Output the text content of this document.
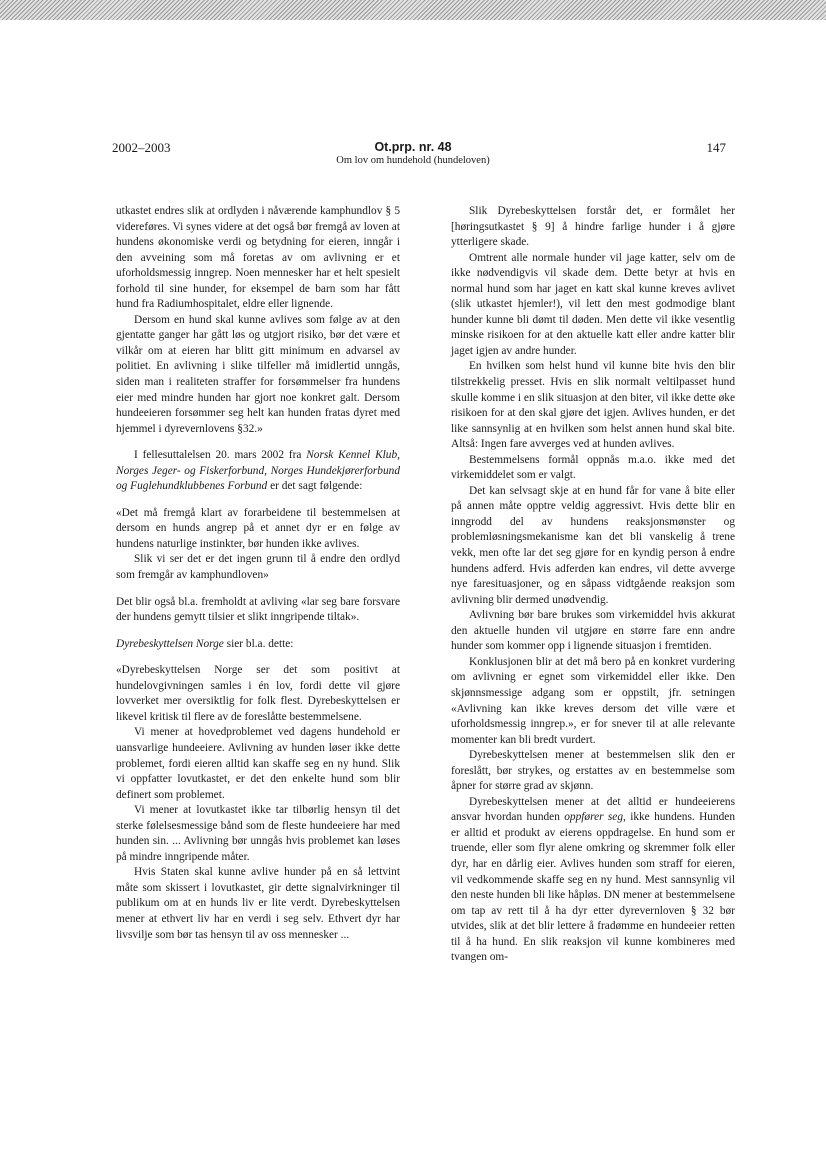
2002–2003	Ot.prp. nr. 48
Om lov om hundehold (hundeloven)
147

utkastet endres slik at ordlyden i nåværende kamphundlov § 5 videreføres. Vi synes videre at det også bør fremgå av loven at hundens økonomiske verdi og betydning for eieren, inngår i den avveining som må foretas av om avlivning er et uforholdsmessig inngrep. Noen mennesker har et helt spesielt forhold til sine hunder, for eksempel de barn som har fått hund fra Radiumhospitalet, eldre eller lignende.

Dersom en hund skal kunne avlives som følge av at den gjentatte ganger har gått løs og utgjort risiko, bør det være et vilkår om at eieren har blitt gitt minimum en advarsel av politiet. En avlivning i slike tilfeller må imidlertid unngås, siden man i realiteten straffer for forsømmelser fra hundens eier med mindre hunden har gjort noe konkret galt. Dersom hundeeieren forsømmer seg helt kan hunden fratas dyret med hjemmel i dyrevernlovens §32.»

I fellesuttalelsen 20. mars 2002 fra Norsk Kennel Klub, Norges Jeger- og Fiskerforbund, Norges Hundekjørerforbund og Fuglehundklubbenes Forbund er det sagt følgende:

«Det må fremgå klart av forarbeidene til bestemmelsen at dersom en hunds angrep på et annet dyr er en følge av hundens naturlige instinkter, bør hunden ikke avlives.

Slik vi ser det er det ingen grunn til å endre den ordlyd som fremgår av kamphundloven»

Det blir også bl.a. fremholdt at avliving «lar seg bare forsvare der hundens gemytt tilsier et slikt inngripende tiltak».

Dyrebeskyttelsen Norge sier bl.a. dette:

«Dyrebeskyttelsen Norge ser det som positivt at hundelovgivningen samles i én lov, fordi dette vil gjøre lovverket mer oversiktlig for folk flest. Dyrebeskyttelsen er likevel kritisk til flere av de foreslåtte bestemmelsene.

Vi mener at hovedproblemet ved dagens hundehold er uansvarlige hundeeiere. Avlivning av hunden løser ikke dette problemet, fordi eieren alltid kan skaffe seg en ny hund. Slik vi oppfatter lovutkastet, er det den enkelte hund som blir definert som problemet.

Vi mener at lovutkastet ikke tar tilbørlig hensyn til det sterke følelsesmessige bånd som de fleste hundeeiere har med hunden sin. ... Avlivning bør unngås hvis problemet kan løses på mindre inngripende måter.

Hvis Staten skal kunne avlive hunder på en så lettvint måte som skissert i lovutkastet, gir dette signalvirkninger til publikum om at en hunds liv er lite verdt. Dyrebeskyttelsen mener at ethvert liv har en verdi i seg selv. Ethvert dyr har livsvilje som bør tas hensyn til av oss mennesker ...

Slik Dyrebeskyttelsen forstår det, er formålet her [høringsutkastet § 9] å hindre farlige hunder i å gjøre ytterligere skade.

Omtrent alle normale hunder vil jage katter, selv om de ikke nødvendigvis vil skade dem. Dette betyr at hvis en normal hund som har jaget en katt skal kunne kreves avlivet (slik utkastet hjemler!), vil lett den mest godmodige blant hunder kunne bli dømt til døden. Men dette vil ikke vesentlig minske risikoen for at den aktuelle katt eller andre katter blir jaget igjen av andre hunder.

En hvilken som helst hund vil kunne bite hvis den blir tilstrekkelig presset. Hvis en slik normalt veltilpasset hund skulle komme i en slik situasjon at den biter, vil ikke dette øke risikoen for at den skal gjøre det igjen. Avlives hunden, er det like sannsynlig at en hvilken som helst annen hund skal bite. Altså: Ingen fare avverges ved at hunden avlives.

Bestemmelsens formål oppnås m.a.o. ikke med det virkemiddelet som er valgt.

Det kan selvsagt skje at en hund får for vane å bite eller på annen måte opptre veldig aggressivt. Hvis dette blir en inngrodd del av hundens reaksjonsmønster og problemløsningsmekanisme kan det bli vanskelig å trene vekk, men ofte lar det seg gjøre for en kyndig person å endre hundens adferd. Hvis adferden kan endres, vil dette avverge nye faresituasjoner, og en såpass vidtgående reaksjon som avlivning blir dermed unødvendig.

Avlivning bør bare brukes som virkemiddel hvis akkurat den aktuelle hunden vil utgjøre en større fare enn andre hunder som kommer opp i lignende situasjon i fremtiden.

Konklusjonen blir at det må bero på en konkret vurdering om avlivning er egnet som virkemiddel eller ikke. Den skjønnsmessige adgang som er oppstilt, jfr. setningen «Avlivning kan ikke kreves dersom det ville være et uforholdsmessig inngrep.», er for snever til at alle relevante momenter kan bli bredt vurdert.

Dyrebeskyttelsen mener at bestemmelsen slik den er foreslått, bør strykes, og erstattes av en bestemmelse som åpner for større grad av skjønn.

Dyrebeskyttelsen mener at det alltid er hundeeierens ansvar hvordan hunden oppfører seg, ikke hundens. Hunden er alltid et produkt av eierens oppdragelse. En hund som er truende, eller som flyr alene omkring og skremmer folk eller dyr, har en dårlig eier. Avlives hunden som straff for eieren, vil vedkommende skaffe seg en ny hund. Mest sannsynlig vil den neste hunden bli like håpløs. DN mener at bestemmelsene om tap av rett til å ha dyr etter dyrevernloven § 32 bør utvides, slik at det blir lettere å fradømme en hundeeier retten til å ha hund. En slik reaksjon vil kunne kombineres med tvangen om-
